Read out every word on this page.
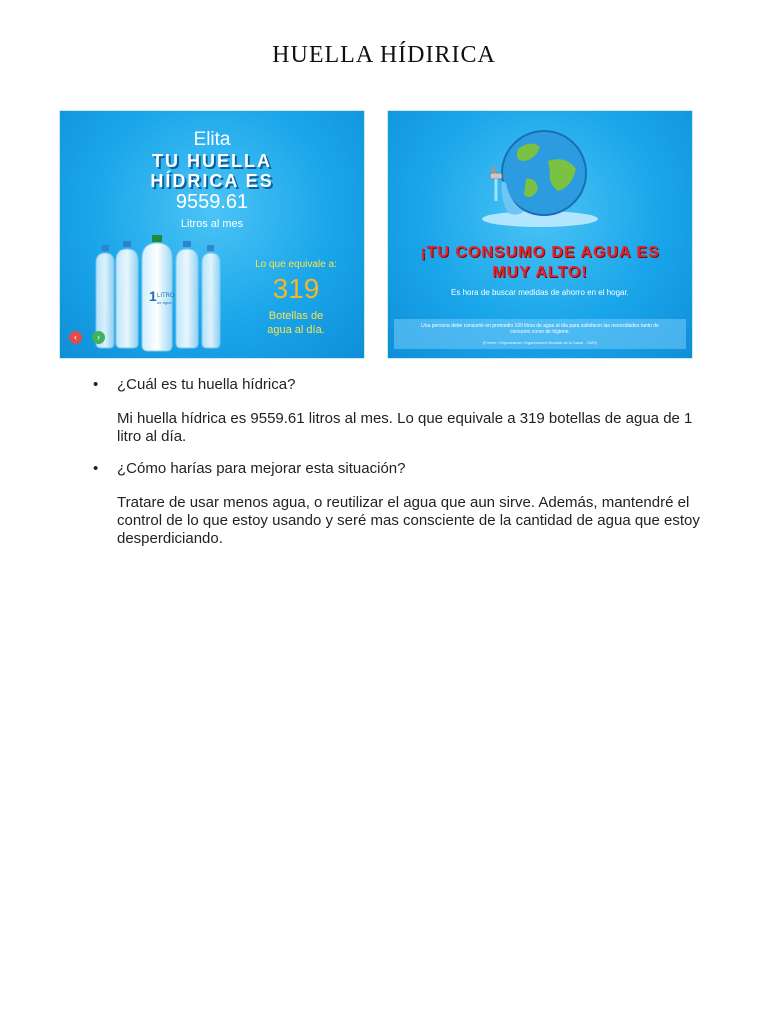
HUELLA HÍDIRICA
Elita
TU HUELLA
HÍDRICA ES
9559.61
Litros al mes
1 LITRO
de agua
Lo que equivale a:
319
Botellas de
agua al día.
‹	›
¡TU CONSUMO DE AGUA ES
MUY ALTO!
Es hora de buscar medidas de ahorro en el hogar.
Una persona debe consumir en promedio 100 litros de agua al día para satisfacer las necesidades tanto de consumo como de higiene.
(Fuente: Organización Organización Mundial de la Salud - OMS)
• ¿Cuál es tu huella hídrica?

Mi huella hídrica es 9559.61 litros al mes. Lo que equivale a 319 botellas de agua de 1 litro al día.

• ¿Cómo harías para mejorar esta situación?

Tratare de usar menos agua, o reutilizar el agua que aun sirve. Además, mantendré el control de lo que estoy usando y seré mas consciente de la cantidad de agua que estoy desperdiciando.
